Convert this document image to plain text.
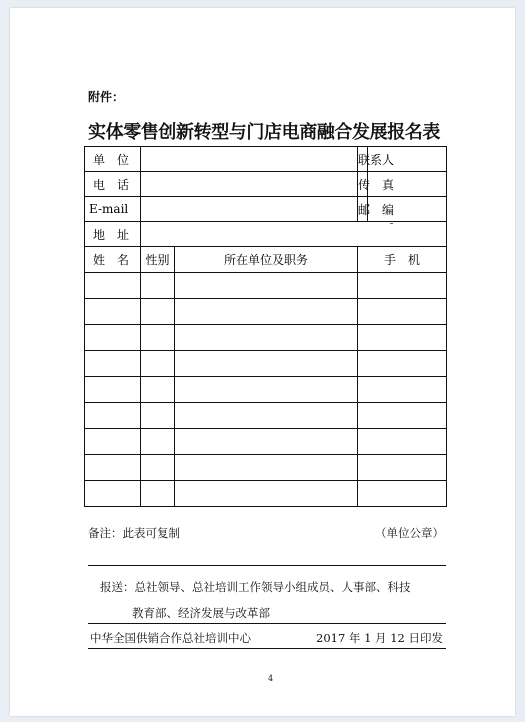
附件：
实体零售创新转型与门店电商融合发展报名表
单　位			联系人	
电　话			传　真	
E-mail			邮　编	
地　址				
姓　名	性别	所在单位及职务	手　机	

备注：此表可复制	（单位公章）
报送：总社领导、总社培训工作领导小组成员、人事部、科技
教育部、经济发展与改革部
中华全国供销合作总社培训中心	2017 年 1 月 12 日印发
4
